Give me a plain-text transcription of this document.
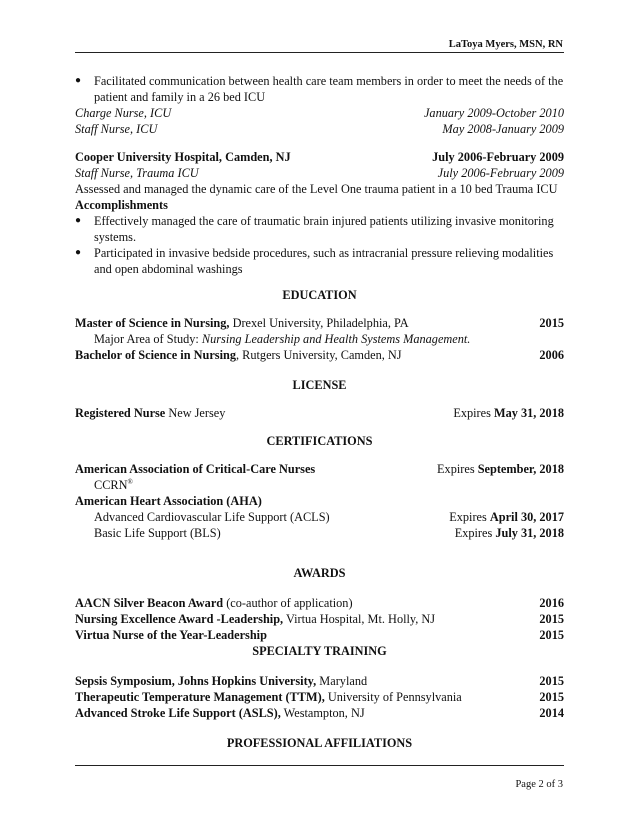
LaToya Myers, MSN, RN
●	Facilitated communication between health care team members in order to meet the needs of the patient and family in a 26 bed ICU
Charge Nurse, ICU	January 2009-October 2010
Staff Nurse, ICU	May 2008-January 2009
Cooper University Hospital, Camden, NJ	July 2006-February 2009
Staff Nurse, Trauma ICU	July 2006-February 2009
Assessed and managed the dynamic care of the Level One trauma patient in a 10 bed Trauma ICU
Accomplishments
●	Effectively managed the care of traumatic brain injured patients utilizing invasive monitoring systems.
●	Participated in invasive bedside procedures, such as intracranial pressure relieving modalities and open abdominal washings
EDUCATION
Master of Science in Nursing, Drexel University, Philadelphia, PA	2015
Major Area of Study: Nursing Leadership and Health Systems Management.
Bachelor of Science in Nursing, Rutgers University, Camden, NJ	2006
LICENSE
Registered Nurse New Jersey	Expires May 31, 2018
CERTIFICATIONS
American Association of Critical-Care Nurses	Expires September, 2018
CCRN®
American Heart Association (AHA)
Advanced Cardiovascular Life Support (ACLS)	Expires April 30, 2017
Basic Life Support (BLS)	Expires July 31, 2018
AWARDS
AACN Silver Beacon Award (co-author of application)	2016
Nursing Excellence Award -Leadership, Virtua Hospital, Mt. Holly, NJ	2015
Virtua Nurse of the Year-Leadership	2015
SPECIALTY TRAINING
Sepsis Symposium, Johns Hopkins University, Maryland	2015
Therapeutic Temperature Management (TTM), University of Pennsylvania	2015
Advanced Stroke Life Support (ASLS), Westampton, NJ	2014
PROFESSIONAL AFFILIATIONS
Page 2 of 3
